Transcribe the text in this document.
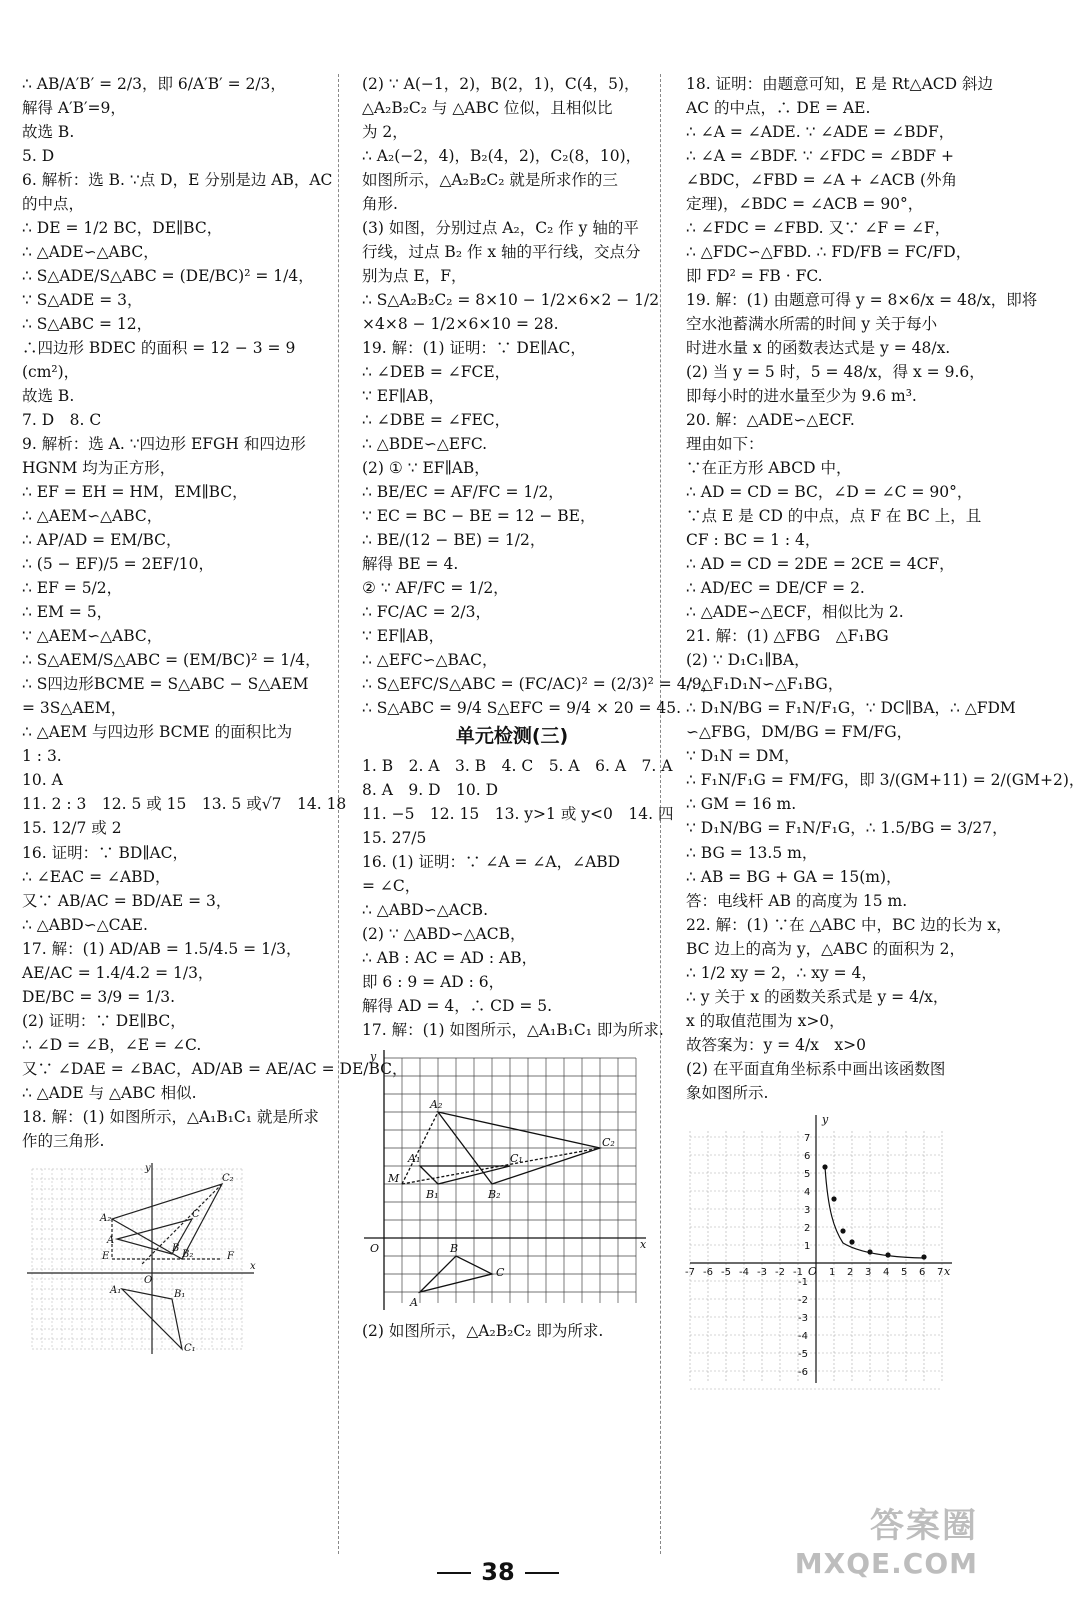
∴ AB/A′B′ = 2/3，即 6/A′B′ = 2/3，
解得 A′B′=9，
故选 B.
5. D
6. 解析：选 B. ∵点 D，E 分别是边 AB，AC
的中点，
∴ DE = 1/2 BC，DE∥BC，
∴ △ADE∽△ABC，
∴ S△ADE/S△ABC = (DE/BC)² = 1/4，
∵ S△ADE = 3，
∴ S△ABC = 12，
∴四边形 BDEC 的面积 = 12 − 3 = 9
(cm²)，
故选 B.
7. D　8. C
9. 解析：选 A. ∵四边形 EFGH 和四边形
HGNM 均为正方形，
∴ EF = EH = HM，EM∥BC，
∴ △AEM∽△ABC，
∴ AP/AD = EM/BC，
∴ (5 − EF)/5 = 2EF/10，
∴ EF = 5/2，
∴ EM = 5，
∵ △AEM∽△ABC，
∴ S△AEM/S△ABC = (EM/BC)² = 1/4，
∴ S四边形BCME = S△ABC − S△AEM
= 3S△AEM，
∴ △AEM 与四边形 BCME 的面积比为
1 : 3.
10. A
11. 2 : 3　12. 5 或 15　13. 5 或√7　14. 18
15. 12/7 或 2
16. 证明：∵ BD∥AC，
∴ ∠EAC = ∠ABD，
又∵ AB/AC = BD/AE = 3，
∴ △ABD∽△CAE.
17. 解：(1) AD/AB = 1.5/4.5 = 1/3，
AE/AC = 1.4/4.2 = 1/3，
DE/BC = 3/9 = 1/3.
(2) 证明：∵ DE∥BC，
∴ ∠D = ∠B，∠E = ∠C.
又∵ ∠DAE = ∠BAC，AD/AB = AE/AC = DE/BC，
∴ △ADE 与 △ABC 相似.
18. 解：(1) 如图所示，△A₁B₁C₁ 就是所求
作的三角形.
y
x
C₂
C
A₂
A
E
O
B
B₂	F
A₁	B₁
C₁
(2) ∵ A(−1，2)，B(2，1)，C(4，5)，
△A₂B₂C₂ 与 △ABC 位似，且相似比
为 2，
∴ A₂(−2，4)，B₂(4，2)，C₂(8，10)，
如图所示，△A₂B₂C₂ 就是所求作的三
角形.
(3) 如图，分别过点 A₂，C₂ 作 y 轴的平
行线，过点 B₂ 作 x 轴的平行线，交点分
别为点 E，F，
∴ S△A₂B₂C₂ = 8×10 − 1/2×6×2 − 1/2
×4×8 − 1/2×6×10 = 28.
19. 解：(1) 证明：∵ DE∥AC，
∴ ∠DEB = ∠FCE，
∵ EF∥AB，
∴ ∠DBE = ∠FEC，
∴ △BDE∽△EFC.
(2) ① ∵ EF∥AB，
∴ BE/EC = AF/FC = 1/2，
∵ EC = BC − BE = 12 − BE，
∴ BE/(12 − BE) = 1/2，
解得 BE = 4.
② ∵ AF/FC = 1/2，
∴ FC/AC = 2/3，
∵ EF∥AB，
∴ △EFC∽△BAC，
∴ S△EFC/S△ABC = (FC/AC)² = (2/3)² = 4/9，
∴ S△ABC = 9/4 S△EFC = 9/4 × 20 = 45.
单元检测(三)
1. B　2. A　3. B　4. C　5. A　6. A　7. A
8. A　9. D　10. D
11. −5　12. 15　13. y>1 或 y<0　14. 四
15. 27/5
16. (1) 证明：∵ ∠A = ∠A，∠ABD
= ∠C，
∴ △ABD∽△ACB.
(2) ∵ △ABD∽△ACB，
∴ AB : AC = AD : AB，
即 6 : 9 = AD : 6，
解得 AD = 4，∴ CD = 5.
17. 解：(1) 如图所示，△A₁B₁C₁ 即为所求.
y
x
O
A₂
A₁
C₂
C₁
M
B₁	B₂
B
C
A
(2) 如图所示，△A₂B₂C₂ 即为所求.
18. 证明：由题意可知，E 是 Rt△ACD 斜边
AC 的中点，∴ DE = AE.
∴ ∠A = ∠ADE. ∵ ∠ADE = ∠BDF，
∴ ∠A = ∠BDF. ∵ ∠FDC = ∠BDF +
∠BDC，∠FBD = ∠A + ∠ACB (外角
定理)，∠BDC = ∠ACB = 90°，
∴ ∠FDC = ∠FBD. 又∵ ∠F = ∠F，
∴ △FDC∽△FBD. ∴ FD/FB = FC/FD，
即 FD² = FB · FC.
19. 解：(1) 由题意可得 y = 8×6/x = 48/x，即将
空水池蓄满水所需的时间 y 关于每小
时进水量 x 的函数表达式是 y = 48/x.
(2) 当 y = 5 时，5 = 48/x，得 x = 9.6，
即每小时的进水量至少为 9.6 m³.
20. 解：△ADE∽△ECF.
理由如下：
∵在正方形 ABCD 中，
∴ AD = CD = BC，∠D = ∠C = 90°，
∵点 E 是 CD 的中点，点 F 在 BC 上，且
CF : BC = 1 : 4，
∴ AD = CD = 2DE = 2CE = 4CF，
∴ AD/EC = DE/CF = 2.
∴ △ADE∽△ECF，相似比为 2.
21. 解：(1) △FBG　△F₁BG
(2) ∵ D₁C₁∥BA，
∴ △F₁D₁N∽△F₁BG，
∴ D₁N/BG = F₁N/F₁G，∵ DC∥BA，∴ △FDM
∽△FBG，DM/BG = FM/FG，
∵ D₁N = DM，
∴ F₁N/F₁G = FM/FG，即 3/(GM+11) = 2/(GM+2)，
∴ GM = 16 m.
∵ D₁N/BG = F₁N/F₁G，∴ 1.5/BG = 3/27，
∴ BG = 13.5 m，
∴ AB = BG + GA = 15(m)，
答：电线杆 AB 的高度为 15 m.
22. 解：(1) ∵在 △ABC 中，BC 边的长为 x，
BC 边上的高为 y，△ABC 的面积为 2，
∴ 1/2 xy = 2，∴ xy = 4，
∴ y 关于 x 的函数关系式是 y = 4/x，
x 的取值范围为 x>0，
故答案为：y = 4/x　x>0
(2) 在平面直角坐标系中画出该函数图
象如图所示.
-7 -6 -5 -4 -3 -2 -1	1 2 3 4 5 6 7
7
6
5
4
3
2
1
-1
-2
-3
-4
-5
-6
y
x
O
38
答案圈
MXQE.COM
